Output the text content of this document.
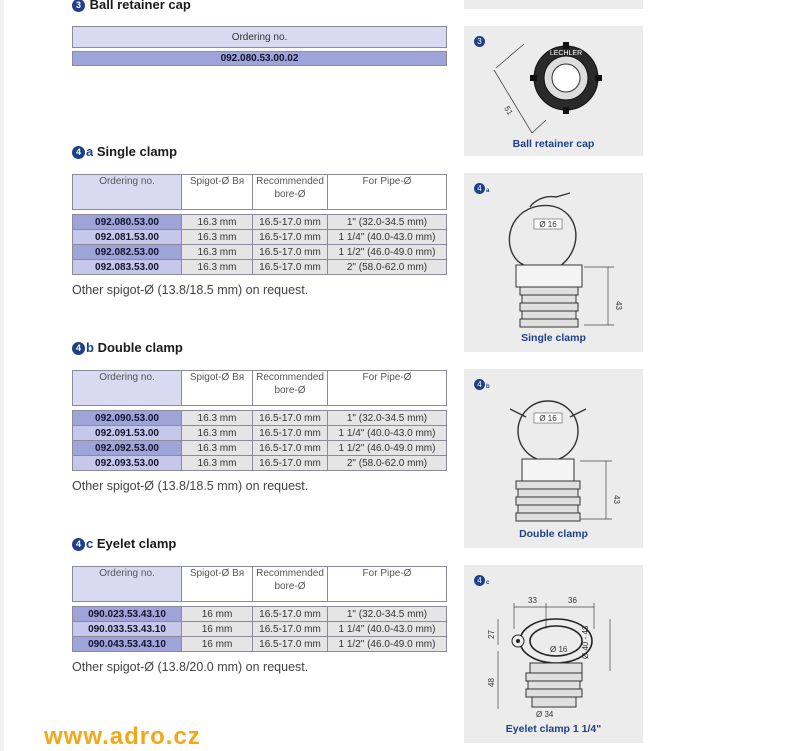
3 Ball retainer cap
Ordering no.

092.080.53.00.02
3
LECHLER
51
Ball retainer cap
4 a Single clamp
Ordering no.	Spigot-Ø Bᴙ	Recommended bore-Ø	For Pipe-Ø

092.080.53.00	16.3 mm	16.5-17.0 mm	1" (32.0-34.5 mm)
092.081.53.00	16.3 mm	16.5-17.0 mm	1 1/4" (40.0-43.0 mm)
092.082.53.00	16.3 mm	16.5-17.0 mm	1 1/2" (46.0-49.0 mm)
092.083.53.00	16.3 mm	16.5-17.0 mm	2" (58.0-62.0 mm)
Other spigot-Ø (13.8/18.5 mm) on request.
4 a
Ø 16
43
Single clamp
4 b Double clamp
Ordering no.	Spigot-Ø Bᴙ	Recommended bore-Ø	For Pipe-Ø

092.090.53.00	16.3 mm	16.5-17.0 mm	1" (32.0-34.5 mm)
092.091.53.00	16.3 mm	16.5-17.0 mm	1 1/4" (40.0-43.0 mm)
092.092.53.00	16.3 mm	16.5-17.0 mm	1 1/2" (46.0-49.0 mm)
092.093.53.00	16.3 mm	16.5-17.0 mm	2" (58.0-62.0 mm)
Other spigot-Ø (13.8/18.5 mm) on request.
4 b
Ø 16
43
Double clamp
4 c Eyelet clamp
Ordering no.	Spigot-Ø Bᴙ	Recommended bore-Ø	For Pipe-Ø

090.023.53.43.10	16 mm	16.5-17.0 mm	1" (32.0-34.5 mm)
090.033.53.43.10	16 mm	16.5-17.0 mm	1 1/4" (40.0-43.0 mm)
090.043.53.43.10	16 mm	16.5-17.0 mm	1 1/2" (46.0-49.0 mm)
Other spigot-Ø (13.8/20.0 mm) on request.
4 c
33	36
27
48
Ø 40 - 43
Ø 16
Ø 34
Eyelet clamp 1 1/4"
www.adro.cz
